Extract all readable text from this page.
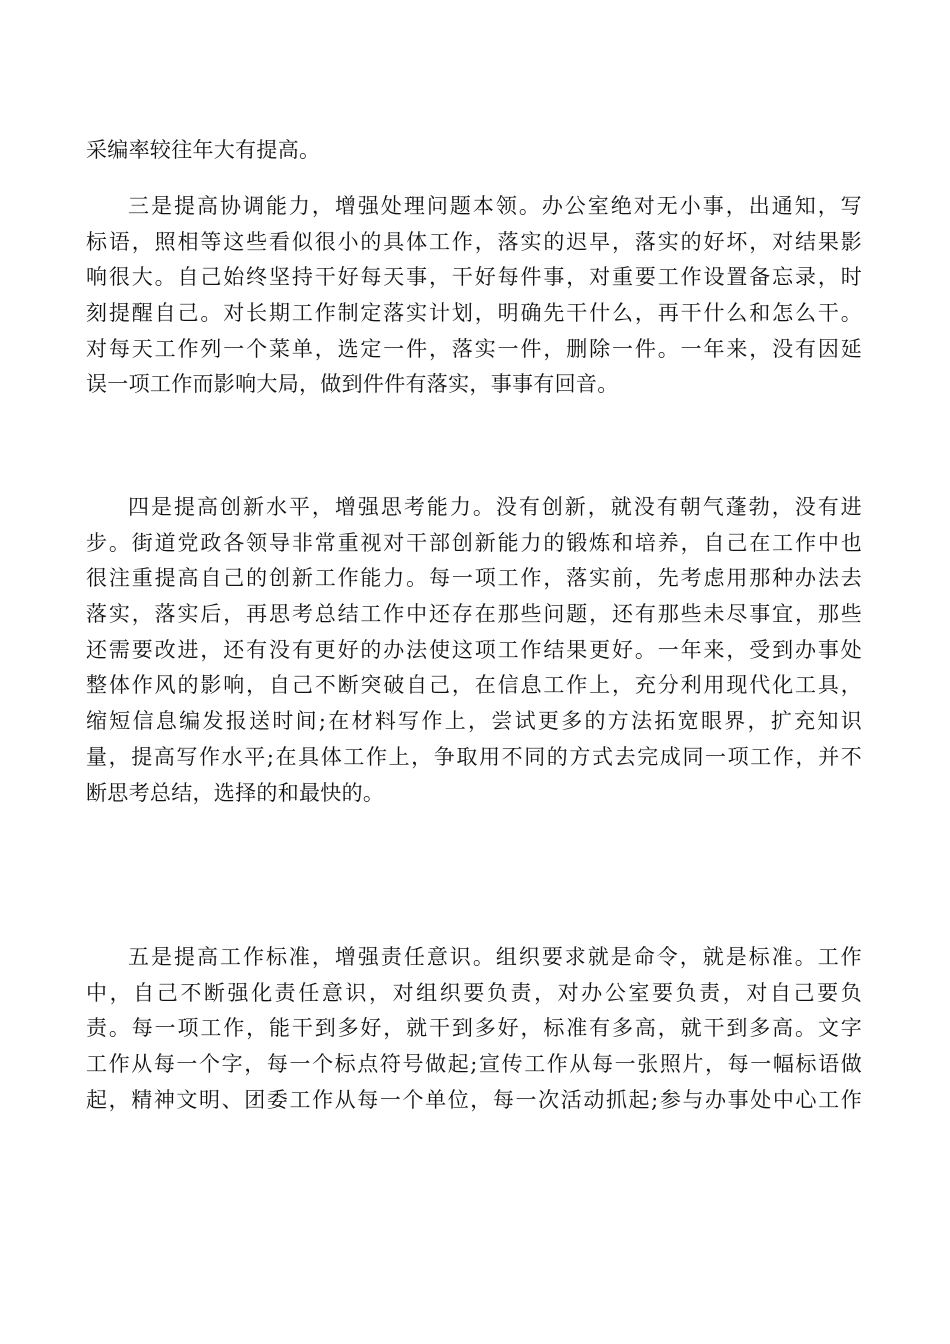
采编率较往年大有提高。
三是提高协调能力，增强处理问题本领。办公室绝对无小事，出通知，写
标语，照相等这些看似很小的具体工作，落实的迟早，落实的好坏，对结果影
响很大。自己始终坚持干好每天事，干好每件事，对重要工作设置备忘录，时
刻提醒自己。对长期工作制定落实计划，明确先干什么，再干什么和怎么干。
对每天工作列一个菜单，选定一件，落实一件，删除一件。一年来，没有因延
误一项工作而影响大局，做到件件有落实，事事有回音。
四是提高创新水平，增强思考能力。没有创新，就没有朝气蓬勃，没有进
步。街道党政各领导非常重视对干部创新能力的锻炼和培养，自己在工作中也
很注重提高自己的创新工作能力。每一项工作，落实前，先考虑用那种办法去
落实，落实后，再思考总结工作中还存在那些问题，还有那些未尽事宜，那些
还需要改进，还有没有更好的办法使这项工作结果更好。一年来，受到办事处
整体作风的影响，自己不断突破自己，在信息工作上，充分利用现代化工具，
缩短信息编发报送时间;在材料写作上，尝试更多的方法拓宽眼界，扩充知识
量，提高写作水平;在具体工作上，争取用不同的方式去完成同一项工作，并不
断思考总结，选择的和最快的。
五是提高工作标准，增强责任意识。组织要求就是命令，就是标准。工作
中，自己不断强化责任意识，对组织要负责，对办公室要负责，对自己要负
责。每一项工作，能干到多好，就干到多好，标准有多高，就干到多高。文字
工作从每一个字，每一个标点符号做起;宣传工作从每一张照片，每一幅标语做
起，精神文明、团委工作从每一个单位，每一次活动抓起;参与办事处中心工作
